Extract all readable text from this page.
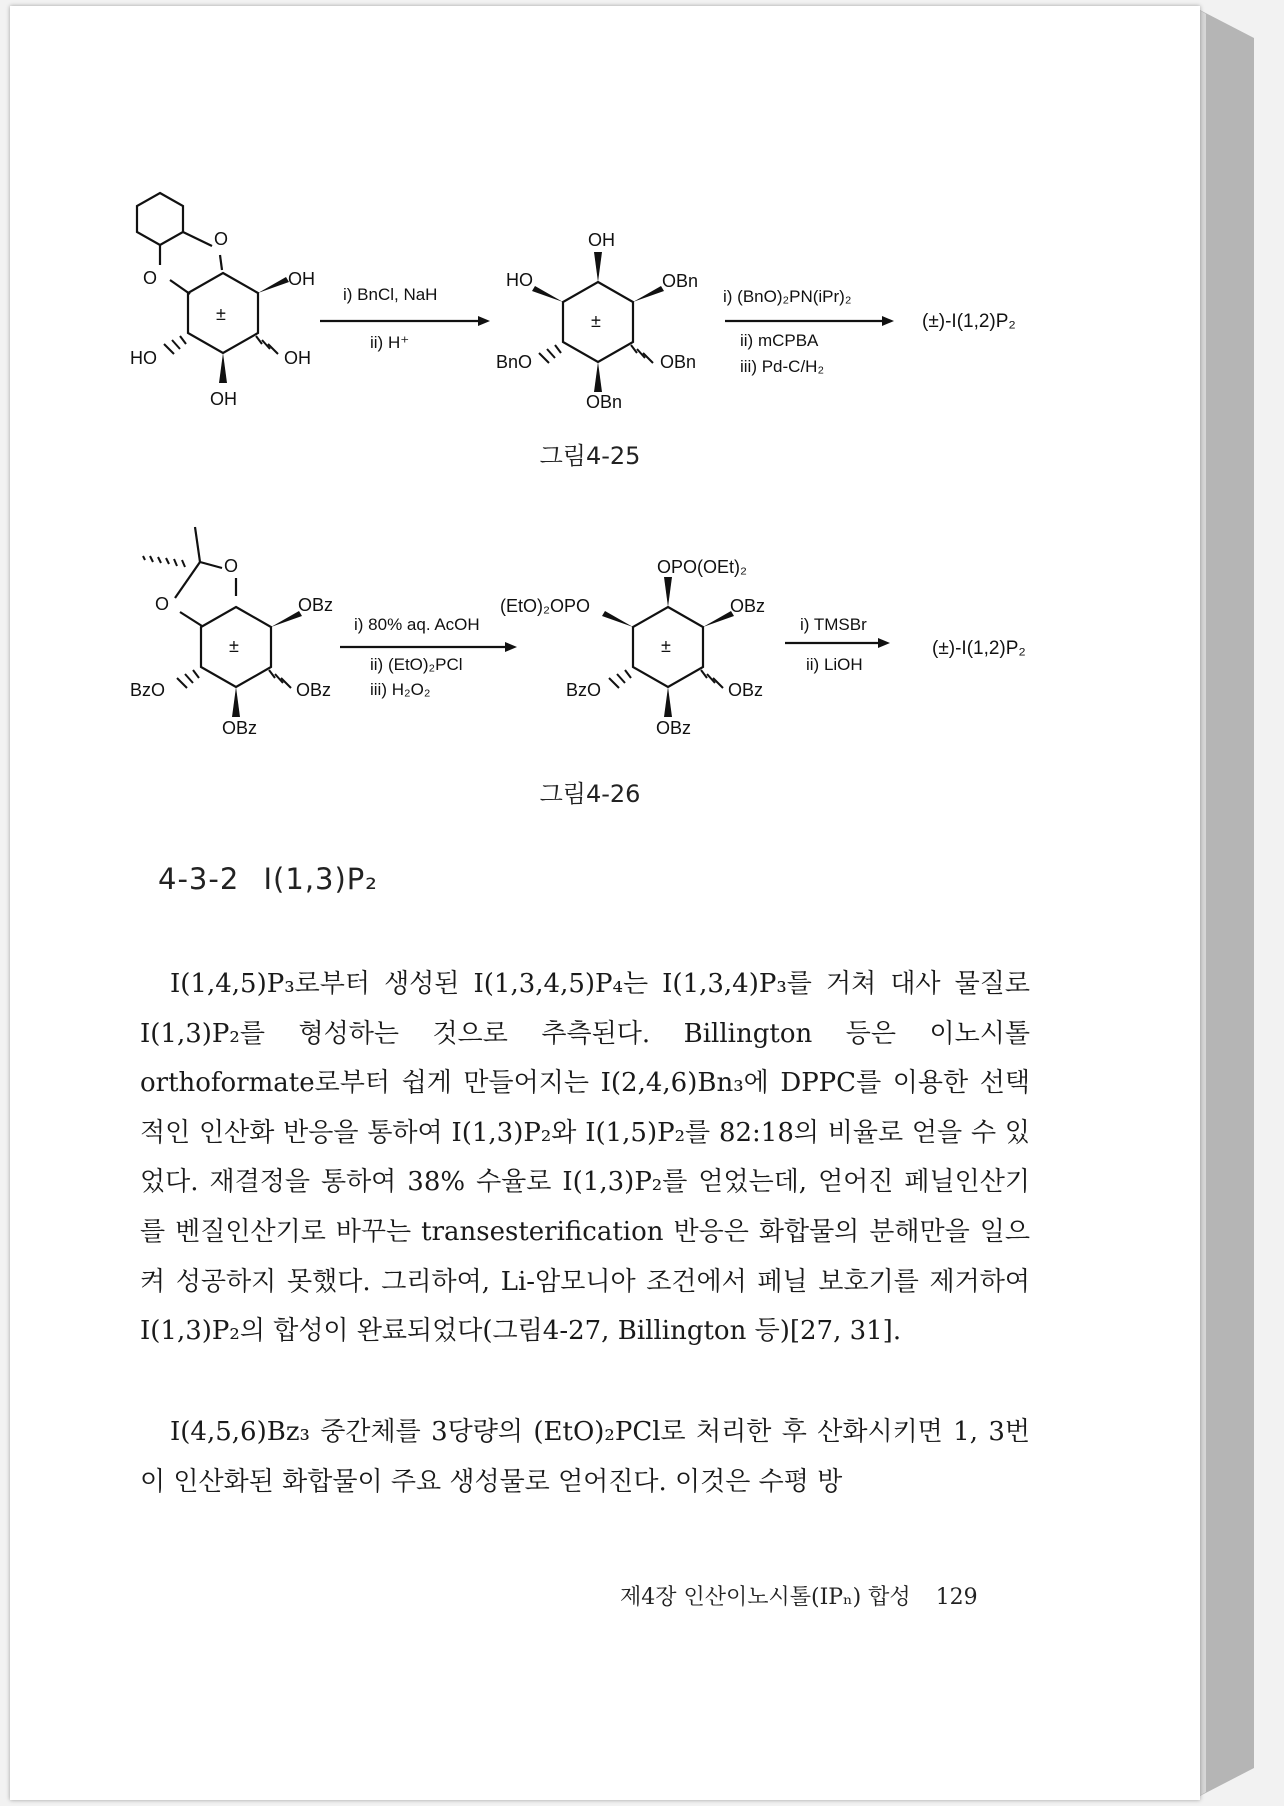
O
O	OH
±
HO	OH
OH
i) BnCl, NaH
ii) H⁺
OH
HO	OBn
±
BnO	OBn
OBn
i) (BnO)₂PN(iPr)₂
ii) mCPBA
iii) Pd-C/H₂
(±)-I(1,2)P₂
O
O	OBz
±
BzO	OBz
OBz
i) 80% aq. AcOH
ii) (EtO)₂PCl
iii) H₂O₂
OPO(OEt)₂
(EtO)₂OPO	OBz
±
BzO	OBz
OBz
i) TMSBr
ii) LiOH
(±)-I(1,2)P₂
그림4-25
그림4-26
4-3-2 I(1,3)P₂

I(1,4,5)P₃로부터 생성된 I(1,3,4,5)P₄는 I(1,3,4)P₃를 거쳐 대사 물질로 I(1,3)P₂를 형성하는 것으로 추측된다. Billington 등은 이노시톨 orthoformate로부터 쉽게 만들어지는 I(2,4,6)Bn₃에 DPPC를 이용한 선택적인 인산화 반응을 통하여 I(1,3)P₂와 I(1,5)P₂를 82:18의 비율로 얻을 수 있었다. 재결정을 통하여 38% 수율로 I(1,3)P₂를 얻었는데, 얻어진 페닐인산기를 벤질인산기로 바꾸는 transesterification 반응은 화합물의 분해만을 일으켜 성공하지 못했다. 그리하여, Li-암모니아 조건에서 페닐 보호기를 제거하여 I(1,3)P₂의 합성이 완료되었다(그림4-27, Billington 등)[27, 31].

I(4,5,6)Bz₃ 중간체를 3당량의 (EtO)₂PCl로 처리한 후 산화시키면 1, 3번이 인산화된 화합물이 주요 생성물로 얻어진다. 이것은 수평 방

제4장 인산이노시톨(IPₙ) 합성 129
